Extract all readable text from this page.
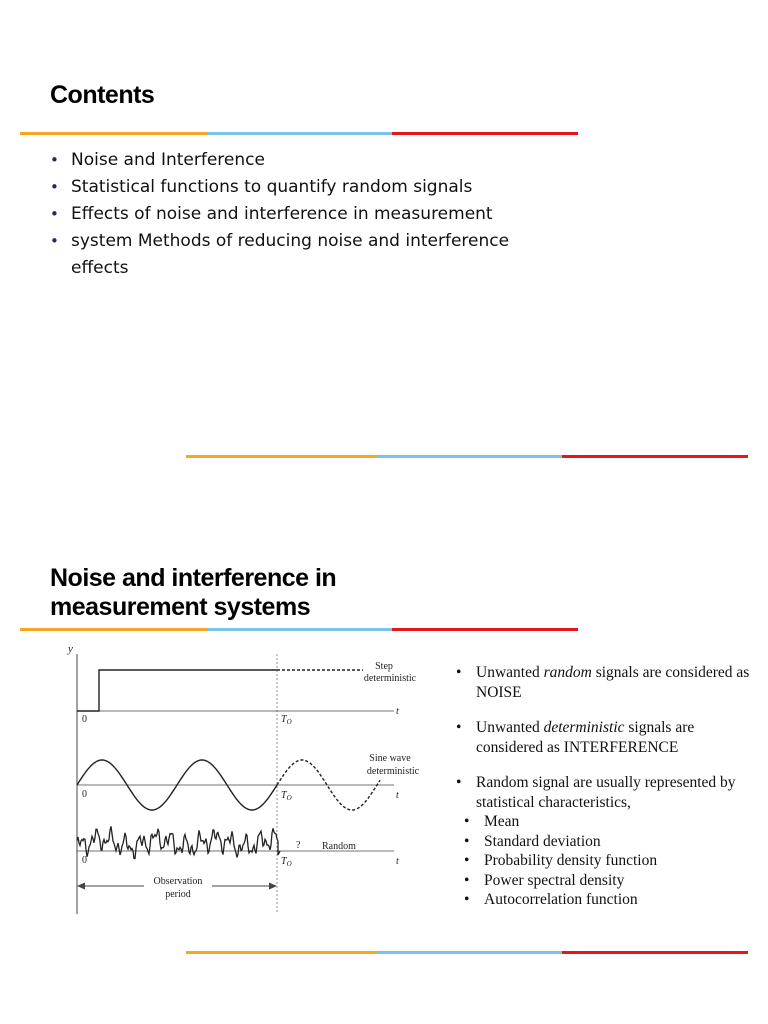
Contents
• Noise and Interference
• Statistical functions to quantify random signals
• Effects of noise and interference in measurement
• system Methods of reducing noise and interference effects
Noise and interference in measurement systems
y
t
0
Step
deterministic
$T_O$
t
0
Sine wave
deterministic
$T_O$
t
0
? Random
$T_O$
Observation
period
• Unwanted random signals are considered as NOISE
• Unwanted deterministic signals are considered as INTERFERENCE
• Random signal are usually represented by statistical characteristics,
• Mean
• Standard deviation
• Probability density function
• Power spectral density
• Autocorrelation function
